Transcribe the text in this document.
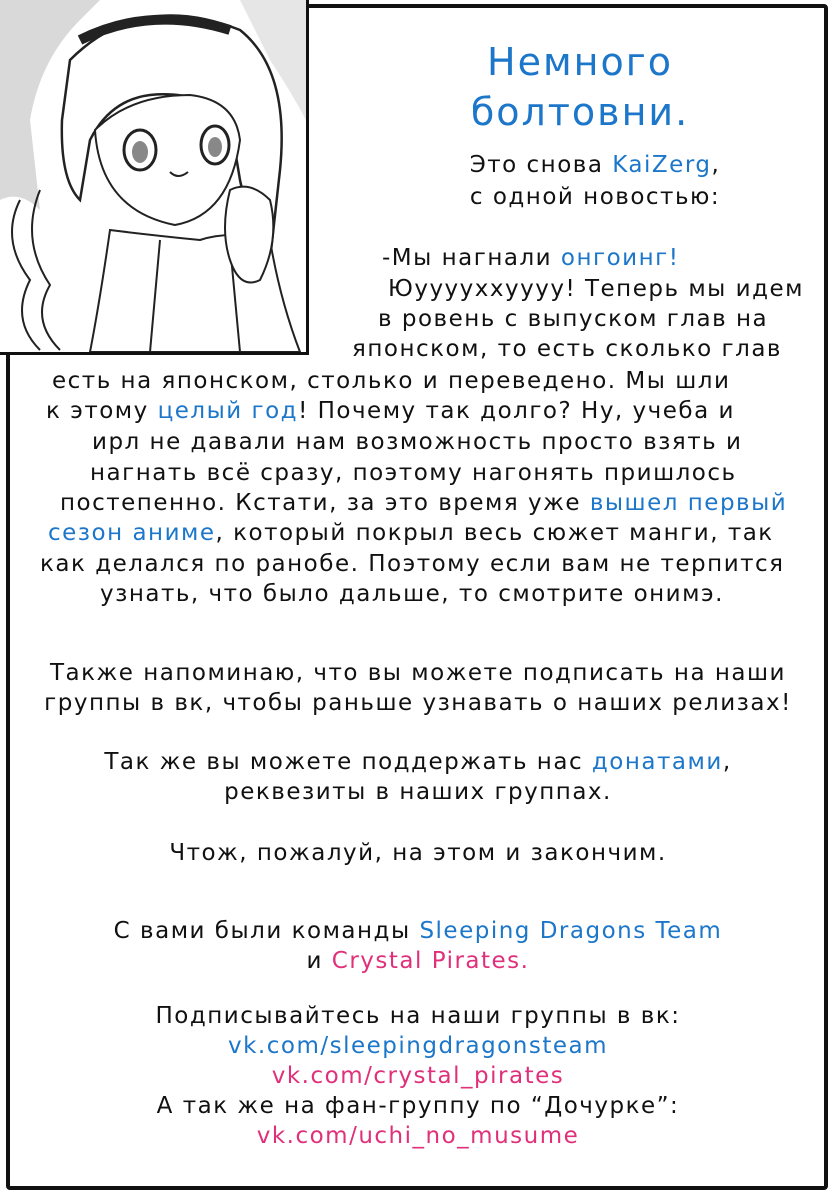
Немного
болтовни.
Это снова KaiZerg,
с одной новостью:
-Мы нагнали онгоинг!
Юууууххуууу! Теперь мы идем
в ровень с выпуском глав на
японском, то есть сколько глав
есть на японском, столько и переведено. Мы шли
к этому целый год! Почему так долго? Ну, учеба и
ирл не давали нам возможность просто взять и
нагнать всё сразу, поэтому нагонять пришлось
постепенно. Кстати, за это время уже вышел первый
сезон аниме, который покрыл весь сюжет манги, так
как делался по ранобе. Поэтому если вам не терпится
узнать, что было дальше, то смотрите онимэ.
Также напоминаю, что вы можете подписать на наши
группы в вк, чтобы раньше узнавать о наших релизах!
Так же вы можете поддержать нас донатами,
реквезиты в наших группах.
Чтож, пожалуй, на этом и закончим.
С вами были команды Sleeping Dragons Team
и Crystal Pirates.
Подписывайтесь на наши группы в вк:
vk.com/sleepingdragonsteam
vk.com/crystal_pirates
А так же на фан-группу по “Дочурке”:
vk.com/uchi_no_musume
